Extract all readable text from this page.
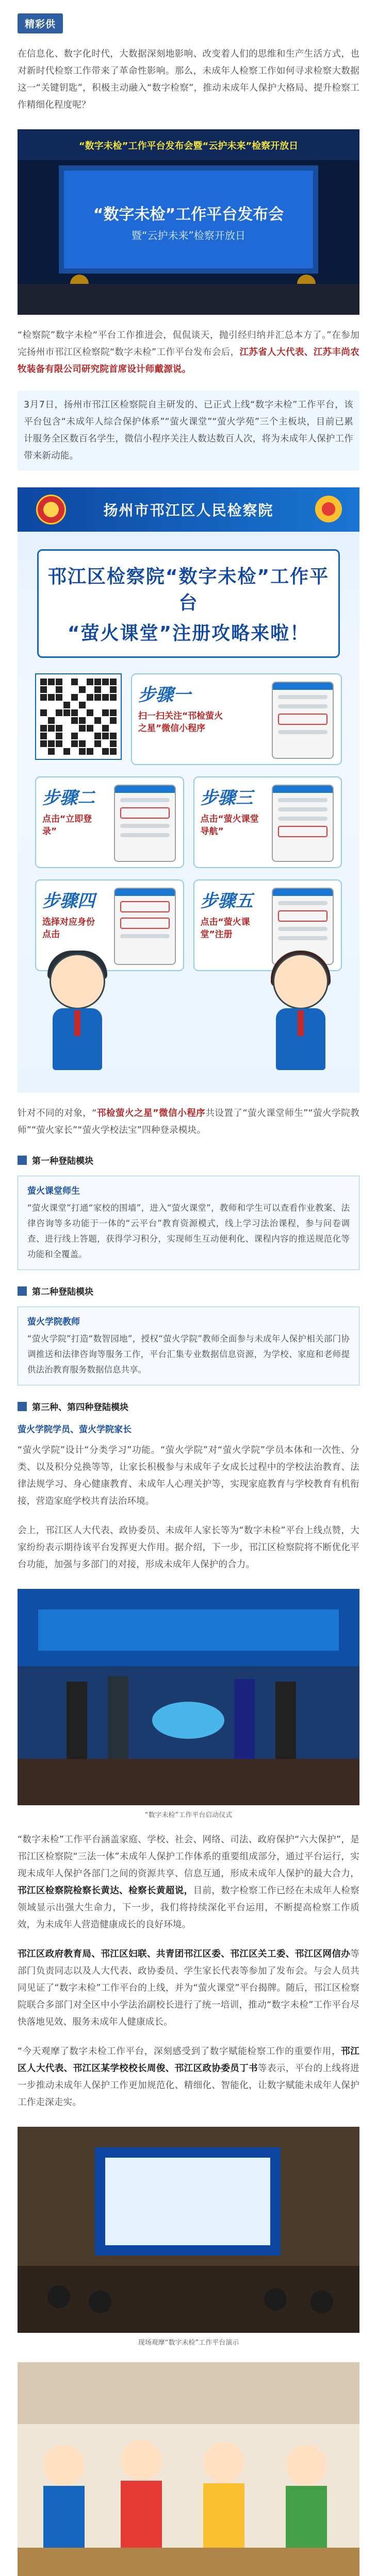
精彩供

在信息化、数字化时代，大数据深刻地影响、改变着人们的思维和生产生活方式，也对新时代检察工作带来了革命性影响。那么，未成年人检察工作如何寻求检察大数据这一“关键钥匙”，积极主动融入“数字检察”，推动未成年人保护大格局、提升检察工作精细化程度呢？

“数字未检”工作平台发布会暨“云护未来”检察开放日
“数字未检”工作平台发布会
暨“云护未来”检察开放日

“检察院”数字未检“平台工作推进会，侃侃谈天，抛引经归纳并汇总本方了。”在参加完扬州市邗江区检察院“数字未检”工作平台发布会后，江苏省人大代表、江苏丰尚农牧装备有限公司研究院首席设计师戴源说。

3月7日，扬州市邗江区检察院自主研发的、已正式上线“数字未检”工作平台，该平台包含“未成年人综合保护体系”“萤火课堂”“萤火学苑”三个主板块，目前已累计服务全区数百名学生，微信小程序关注人数达数百人次，将为未成年人保护工作带来新动能。

扬州市邗江区人民检察院
邗江区检察院“数字未检”工作平台
“萤火课堂”注册攻略来啦！
步骤一
扫一扫关注“邗检萤火之星”微信小程序
步骤二
点击“立即登录”
步骤三
点击“萤火课堂导航”
步骤四
选择对应身份点击
步骤五
点击“萤火课堂”注册

针对不同的对象，“邗检萤火之星”微信小程序共设置了“萤火课堂师生”“萤火学院教师”“萤火家长”“萤火学校法宝”四种登录模块。

第一种登陆模块
萤火课堂师生
“萤火课堂”打通“家校的围墙”，进入“萤火课堂”，教师和学生可以查看作业教案、法律咨询等多功能于一体的“云平台”教育资源模式，线上学习法治课程，参与问卷调查、进行线上答题，获得学习积分，实现师生互动便利化、课程内容的推送规范化等功能和全覆盖。
第二种登陆模块
萤火学院教师
“萤火学院”打造“数智园地”，授权“萤火学院”教师全面参与未成年人保护相关部门协调推送和法律咨询等服务工作，平台汇集专业数据信息资源，为学校、家庭和老师提供法治教育服务数据信息共享。
第三种、第四种登陆模块
萤火学院学员、萤火学院家长

“萤火学院”设计“分类学习”功能。“萤火学院”对“萤火学院”学员本体和一次性、分类、以及积分兑换等等，让家长积极参与未成年子女成长过程中的学校法治教育、法律法规学习、身心健康教育、未成年人心理关护等，实现家庭教育与学校教育有机衔接，营造家庭学校共育法治环境。

会上，邗江区人大代表、政协委员、未成年人家长等为“数字未检”平台上线点赞，大家纷纷表示期待该平台发挥更大作用。据介绍，下一步，邗江区检察院将不断优化平台功能，加强与多部门的对接，形成未成年人保护的合力。

“数字未检”工作平台启动仪式

“数字未检”工作平台涵盖家庭、学校、社会、网络、司法、政府保护“六大保护”，是邗江区检察院“三法一体”未成年人保护工作体系的重要组成部分，通过平台运行，实现未成年人保护各部门之间的资源共享、信息互通，形成未成年人保护的最大合力，邗江区检察院检察长黄达、检察长黄超说，目前，数字检察工作已经在未成年人检察领域显示出强大生命力，下一步，我们将持续深化平台运用，不断提高检察工作质效，为未成年人营造健康成长的良好环境。

邗江区政府教育局、邗江区妇联、共青团邗江区委、邗江区关工委、邗江区网信办等部门负责同志以及人大代表、政协委员、学生家长代表等参加了发布会。与会人员共同见证了“数字未检”工作平台的上线，并为“萤火课堂”平台揭牌。随后，邗江区检察院联合多部门对全区中小学法治副校长进行了统一培训，推动“数字未检”工作平台尽快落地见效、服务未成年人健康成长。

“今天观摩了数字未检工作平台，深刻感受到了数字赋能检察工作的重要作用，邗江区人大代表、邗江区某学校校长周俊、邗江区政协委员丁书等表示，平台的上线将进一步推动未成年人保护工作更加规范化、精细化、智能化，让数字赋能未成年人保护工作走深走实。

现场观摩“数字未检”工作平台演示
